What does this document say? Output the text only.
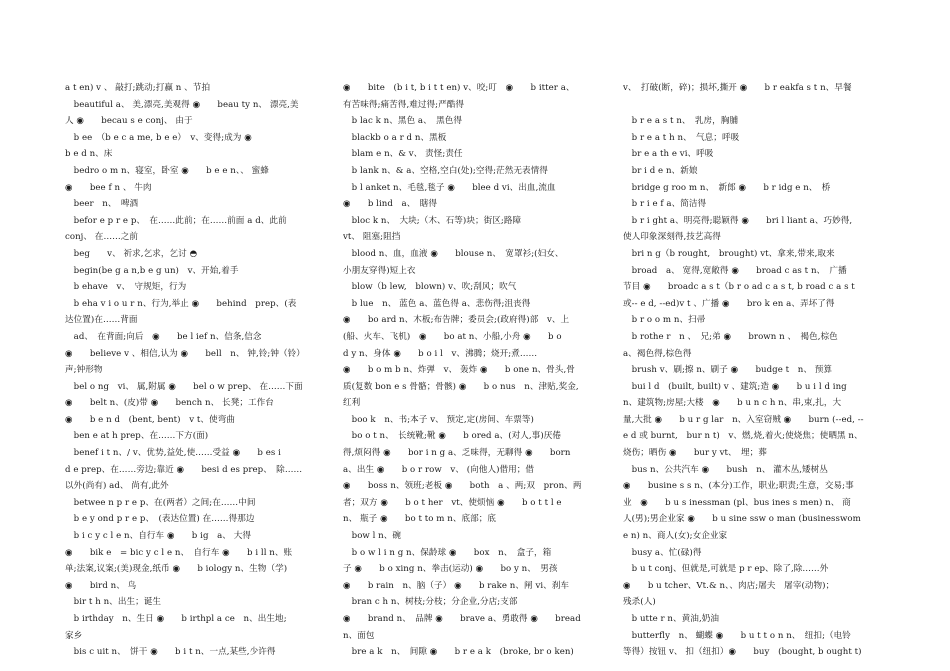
a t en) v 、 敲打;跳动;打赢 n 、节拍
　beautiful a、 美,漂亮,美观得 ◉　　beau ty n、 漂亮,美
人 ◉　　becau s e conj、 由于
　b ee　（b e c a me, b e e）　v、变得;成为 ◉
b e d n、床
　bedro o m n、寝室，卧室 ◉　　b e e n、、 蜜蜂
◉　　bee f n 、 牛肉
　beer　n、　啤酒
　befor e p r e p、　在……此前；在……前面 a d、此前
conj、 在……之前
　beg　　v、 祈求,乞求，乞讨 ◓
　begin(be g a n,b e g un)　v、开始,着手
　b ehave　v、　守规矩，行为
　b eha v i o u r n、行为,举止 ◉　　behind　prep、(表
达位置)在……背面
　ad、　在背面;向后　◉　　be l ief n、信条,信念
◉　　believe v 、相信,认为 ◉　　bell　n、 钟,铃;钟（铃）
声;钟形物
　bel o ng　vi、 属,附属 ◉　　bel o w prep、 在……下面
◉　　belt n、(皮)带 ◉　　bench n、 长凳；工作台
◉　　b e n d　(bent, bent)　v t、使弯曲
　ben e at h prep、在……下方(面)
　benef i t n、/ v、优势,益处,使……受益 ◉　　b es i
d e prep、在……旁边;靠近 ◉　　besi d es prep、　除……
以外(尚有) ad、 尚有,此外
　betwee n p r e p、在(两者）之间;在……中间
　b e y ond p r e p、　(表达位置) 在……得那边
　b i c y c l e n、自行车 ◉　　b ig　a、 大得
◉　　bik e　= bic y c l e n、　自行车 ◉　　b i ll n、账
单;法案,议案;(美)现金,纸币 ◉　　b iology n、生物（学)
◉　　bird n、 鸟
　bir t h n、出生；诞生
　b irthday　n、生日 ◉　　b irthpl a ce　n、出生地;
家乡
　bis c uit n、　饼干 ◉　　b i t n、一点,某些,少许得
◉　　bite　(b i t, b i t t en) v、咬;叮　◉　　b itter a、
有苦味得;痛苦得,难过得;严酷得
　b lac k n、黑色 a、　黑色得
　blackb o a r d n、黑板
　blam e n、& v、 责怪;责任
　b lank n、& a、空格,空白(处);空得;茫然无表情得
　b l anket n、毛毯,毯子 ◉　　blee d vi、出血,流血
◉　　b lind　a、　瞎得
　bloc k n、　大块;（木、石等)块；街区;路障
vt、 阻塞;阻挡
　blood n、血，血液 ◉　　blouse n、　宽罩衫;(妇女、
小朋友穿得)短上衣
　blow（b lew,　blown) v、吹;刮风；吹气
　b lue　n、 蓝色 a、蓝色得 a、悲伤得;沮丧得
◉　　bo ard n、木板;布告牌；委员会;(政府得)部　v、上
(船、火车、飞机)　◉　　bo at n、小船,小舟 ◉　　b o
d y n、身体 ◉　　b o i l　v、沸腾；烧开;煮……
◉　　b o m b n、炸弹　v、 轰炸 ◉　　b one n、骨头,骨
质(复数 bon e s 骨骼；骨骸) ◉　　b o nus　n、津贴,奖金,
红利
　boo k　n、书;本子 v、 预定,定(房间、车票等)
　bo o t n、　长统靴;靴 ◉　　b ored a、(对人,事)厌倦
得,烦闷得 ◉　　bor i n g a、乏味得，无聊得 ◉　　born
a、出生 ◉　　b o r row　v、 (向他人)借用；借
◉　　boss n、领班;老板 ◉　　both　a 、两;双　pron、两
者；双方 ◉　　b o t her　vt、使烦恼 ◉　　b o t t l e
n、 瓶子 ◉　　bo t to m n、底部；底
　bow l n、碗
　b o w l i n g n、保龄球 ◉　　box　n、　盒子，箱
子 ◉　　b o xing n、拳击(运动) ◉　　bo y n、　男孩
◉　　b rain　n、脑（子） ◉　　b rake n、闸 vi、刹车
　bran c h n、树枝;分枝；分企业,分店;支部
◉　　brand n、　品牌 ◉　　brave a、勇敢得 ◉　　bread
n、面包
　bre a k　n、　间隙 ◉　　b r e a k　(broke, br o ken)
v、　打破(断，碎)；损坏,撕开 ◉　　b r eakfa s t n、早餐
　b r e a s t n、　乳房，胸脯
　b r e a t h n、　气息；呼吸
　br e a th e vi、呼吸
　br i d e n、新娘
　bridge g roo m n、　新郎 ◉　　b r idg e n、　桥
　b r i e f a、简洁得
　b r i ght a、明亮得;聪颖得 ◉　　bri l liant a、巧妙得,
使人印象深刻得,技艺高得
　bri n g（b rought,　brought) vt、拿来,带来,取来
　broad　a、 宽得,宽敞得 ◉　　broad c as t n、　广播
节目 ◉　　broadc a s t（b r o ad c a s t, b road c a s t
或-- e d, --ed)v t 、广播 ◉　　bro k en a、弄坏了得
　b r o o m n、扫帚
　b rothe r　n 、　兄;弟 ◉　　brown n 、　褐色,棕色
a、褐色得,棕色得
　brush v、刷;擦 n、刷子 ◉　　budge t　n、 预算
　bui l d　(built, built) v 、建筑;造 ◉　　b u i l d ing
n、建筑物;房屋;大楼　◉　　b u n c h n、串,束,扎，大
量,大批 ◉　　b u r g lar　n、入室窃贼 ◉　　burn (--ed, --
e d 或 burnt,　bur n t)　v、燃,烧,着火;使烧焦；使晒黑 n、
烧伤；晒伤 ◉　　bur y vt、　埋；葬
　bus n、公共汽车 ◉　　bush　n、 灌木丛,矮树丛
◉　　busine s s n、(本分)工作，职业;职责;生意，交易;事
业　◉　　b u s inessman (pl、bus ines s men) n、 商
人(男);男企业家 ◉　　b u sine ssw o man (businesswom
e n) n、商人(女);女企业家
　busy a、忙(碌)得
　b u t conj、但就是,可就是 p r ep、除了,除……外
◉　　b u tcher、Vt.& n、、肉店;屠夫　屠宰(动物)；
残杀(人)
　b utte r n、黄油,奶油
　butterfly　n、 蝴蝶 ◉　　b u t t o n n、　纽扣;（电铃
等得）按钮 v、 扣（纽扣）◉　　buy　(bought, b ought t)
